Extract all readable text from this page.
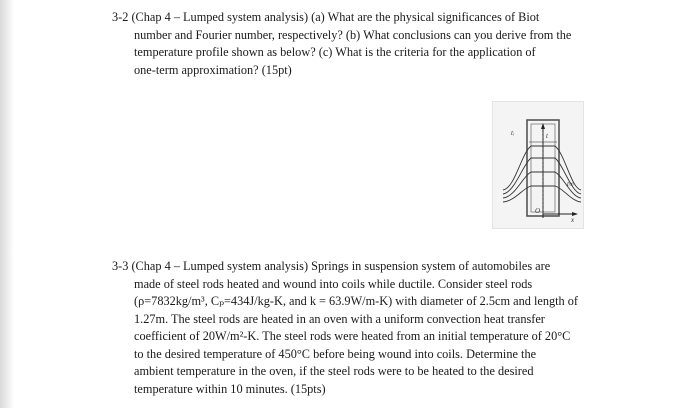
3-2 (Chap 4 – Lumped system analysis) (a) What are the physical significances of Biot
number and Fourier number, respectively? (b) What conclusions can you derive from the
temperature profile shown as below? (c) What is the criteria for the application of
one-term approximation? (15pt)
tᵢ	t
O
x
t∞
3-3 (Chap 4 – Lumped system analysis) Springs in suspension system of automobiles are
made of steel rods heated and wound into coils while ductile. Consider steel rods
(ρ=7832kg/m³, Cₚ=434J/kg-K, and k = 63.9W/m-K) with diameter of 2.5cm and length of
1.27m. The steel rods are heated in an oven with a uniform convection heat transfer
coefficient of 20W/m²-K. The steel rods were heated from an initial temperature of 20°C
to the desired temperature of 450°C before being wound into coils. Determine the
ambient temperature in the oven, if the steel rods were to be heated to the desired
temperature within 10 minutes. (15pts)
